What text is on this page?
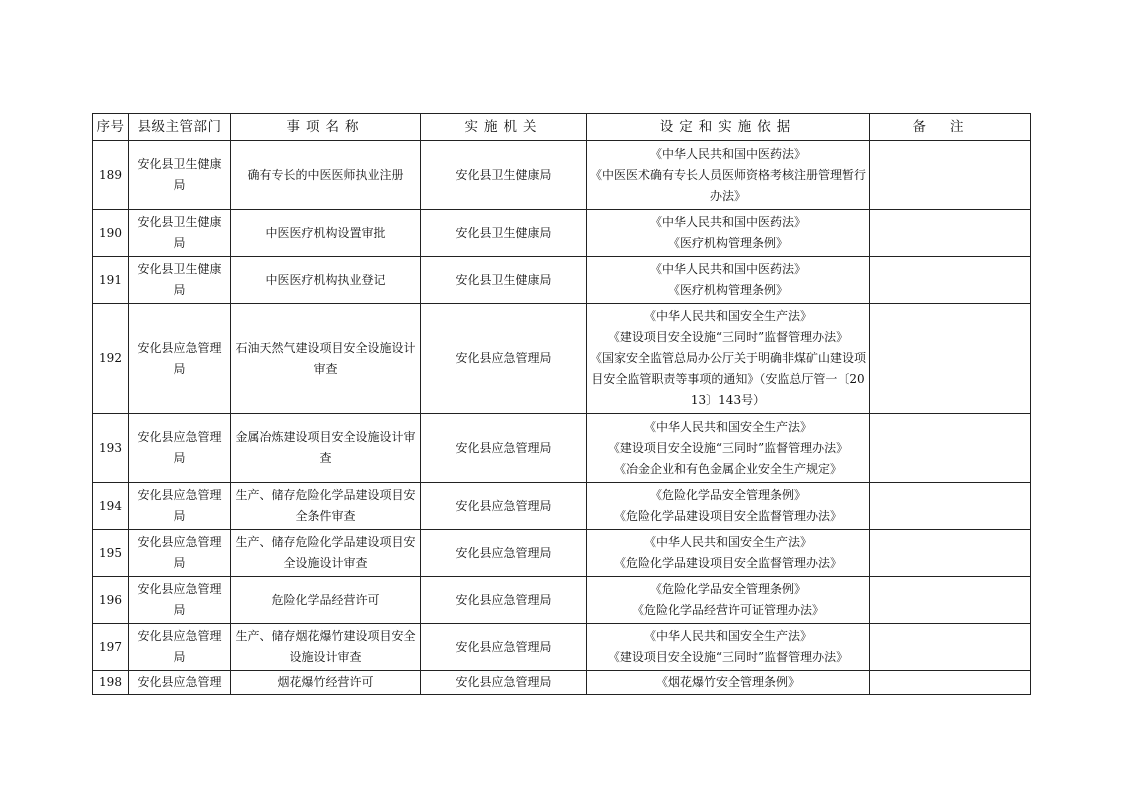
序号	县级主管部门	事项名称	实施机关	设定和实施依据	备注
189	安化县卫生健康局	确有专长的中医医师执业注册	安化县卫生健康局	《中华人民共和国中医药法》
《中医医术确有专长人员医师资格考核注册管理暂行办法》	
190	安化县卫生健康局	中医医疗机构设置审批	安化县卫生健康局	《中华人民共和国中医药法》
《医疗机构管理条例》	
191	安化县卫生健康局	中医医疗机构执业登记	安化县卫生健康局	《中华人民共和国中医药法》
《医疗机构管理条例》	
192	安化县应急管理局	石油天然气建设项目安全设施设计审查	安化县应急管理局	《中华人民共和国安全生产法》
《建设项目安全设施“三同时”监督管理办法》
《国家安全监管总局办公厅关于明确非煤矿山建设项目安全监管职责等事项的通知》（安监总厅管一〔2013〕143号）	
193	安化县应急管理局	金属冶炼建设项目安全设施设计审查	安化县应急管理局	《中华人民共和国安全生产法》
《建设项目安全设施“三同时”监督管理办法》
《冶金企业和有色金属企业安全生产规定》	
194	安化县应急管理局	生产、储存危险化学品建设项目安全条件审查	安化县应急管理局	《危险化学品安全管理条例》
《危险化学品建设项目安全监督管理办法》	
195	安化县应急管理局	生产、储存危险化学品建设项目安全设施设计审查	安化县应急管理局	《中华人民共和国安全生产法》
《危险化学品建设项目安全监督管理办法》	
196	安化县应急管理局	危险化学品经营许可	安化县应急管理局	《危险化学品安全管理条例》
《危险化学品经营许可证管理办法》	
197	安化县应急管理局	生产、储存烟花爆竹建设项目安全设施设计审查	安化县应急管理局	《中华人民共和国安全生产法》
《建设项目安全设施“三同时”监督管理办法》	
198	安化县应急管理	烟花爆竹经营许可	安化县应急管理局	《烟花爆竹安全管理条例》	
